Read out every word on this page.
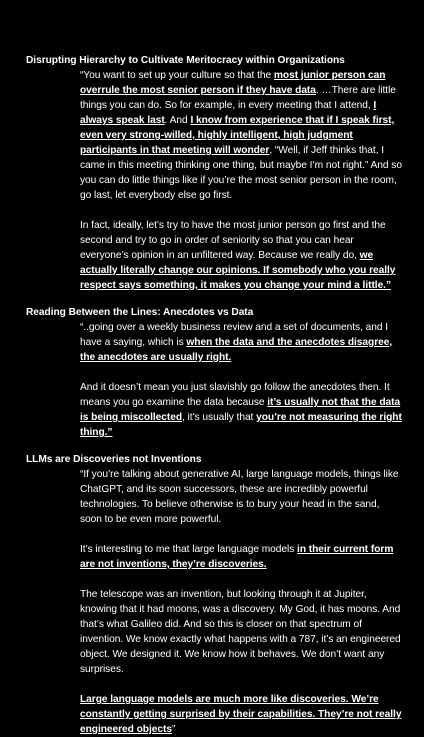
Disrupting Hierarchy to Cultivate Meritocracy within Organizations

“You want to set up your culture so that the most junior person can overrule the most senior person if they have data. …There are little things you can do. So for example, in every meeting that I attend, I always speak last. And I know from experience that if I speak first, even very strong-willed, highly intelligent, high judgment participants in that meeting will wonder, “Well, if Jeff thinks that, I came in this meeting thinking one thing, but maybe I’m not right.” And so you can do little things like if you’re the most senior person in the room, go last, let everybody else go first.

In fact, ideally, let’s try to have the most junior person go first and the second and try to go in order of seniority so that you can hear everyone’s opinion in an unfiltered way. Because we really do, we actually literally change our opinions. If somebody who you really respect says something, it makes you change your mind a little.”

Reading Between the Lines: Anecdotes vs Data

“..going over a weekly business review and a set of documents, and I have a saying, which is when the data and the anecdotes disagree, the anecdotes are usually right.

And it doesn’t mean you just slavishly go follow the anecdotes then. It means you go examine the data because it’s usually not that the data is being miscollected, it’s usually that you’re not measuring the right thing.”

LLMs are Discoveries not Inventions

“If you’re talking about generative AI, large language models, things like ChatGPT, and its soon successors, these are incredibly powerful technologies. To believe otherwise is to bury your head in the sand, soon to be even more powerful.

It’s interesting to me that large language models in their current form are not inventions, they’re discoveries.

The telescope was an invention, but looking through it at Jupiter, knowing that it had moons, was a discovery. My God, it has moons. And that’s what Galileo did. And so this is closer on that spectrum of invention. We know exactly what happens with a 787, it’s an engineered object. We designed it. We know how it behaves. We don’t want any surprises.

Large language models are much more like discoveries. We’re constantly getting surprised by their capabilities. They’re not really engineered objects”
